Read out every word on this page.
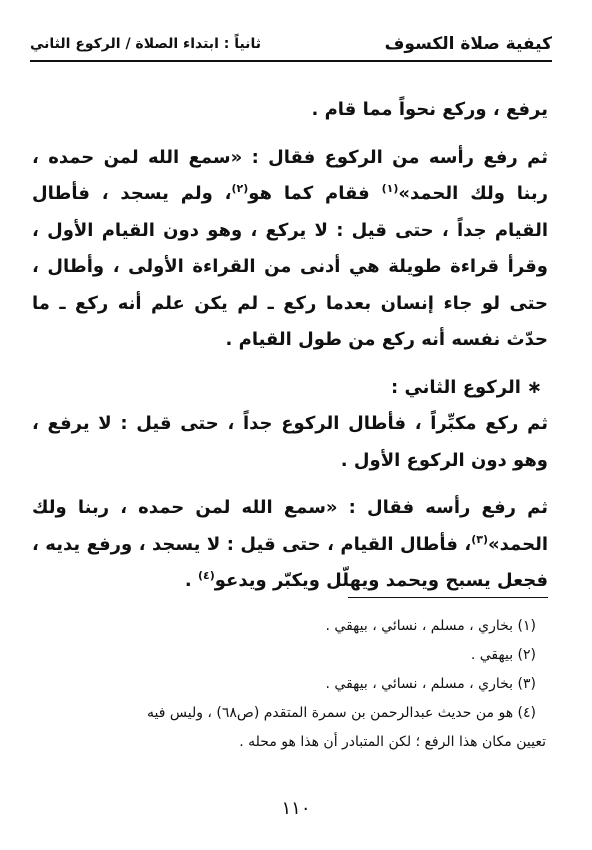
كيفية صلاة الكسوف
ثانياً : ابتداء الصلاة / الركوع الثاني

يرفع ، وركع نحواً مما قام .

ثم رفع رأسه من الركوع فقال : «سمع الله لمن حمده ، ربنا ولك الحمد»$^{(١)}$ فقام كما هو$^{(٢)}$، ولم يسجد ، فأطال القيام جداً ، حتى قيل : لا يركع ، وهو دون القيام الأول ، وقرأ قراءة طويلة هي أدنى من القراءة الأولى ، وأطال ، حتى لو جاء إنسان بعدما ركع ـ لم يكن علم أنه ركع ـ ما حدّث نفسه أنه ركع من طول القيام .

∗الركوع الثاني :

ثم ركع مكبِّراً ، فأطال الركوع جداً ، حتى قيل : لا يرفع ، وهو دون الركوع الأول .

ثم رفع رأسه فقال : «سمع الله لمن حمده ، ربنا ولك الحمد»$^{(٣)}$، فأطال القيام ، حتى قيل : لا يسجد ، ورفع يديه ، فجعل يسبح ويحمد ويهلّل ويكبّر ويدعو$^{(٤)}$ .

(١) بخاري ، مسلم ، نسائي ، بيهقي .

(٢) بيهقي .

(٣) بخاري ، مسلم ، نسائي ، بيهقي .

(٤) هو من حديث عبدالرحمن بن سمرة المتقدم (ص٦٨) ، وليس فيه

تعيين مكان هذا الرفع ؛ لكن المتبادر أن هذا هو محله .

١١٠
